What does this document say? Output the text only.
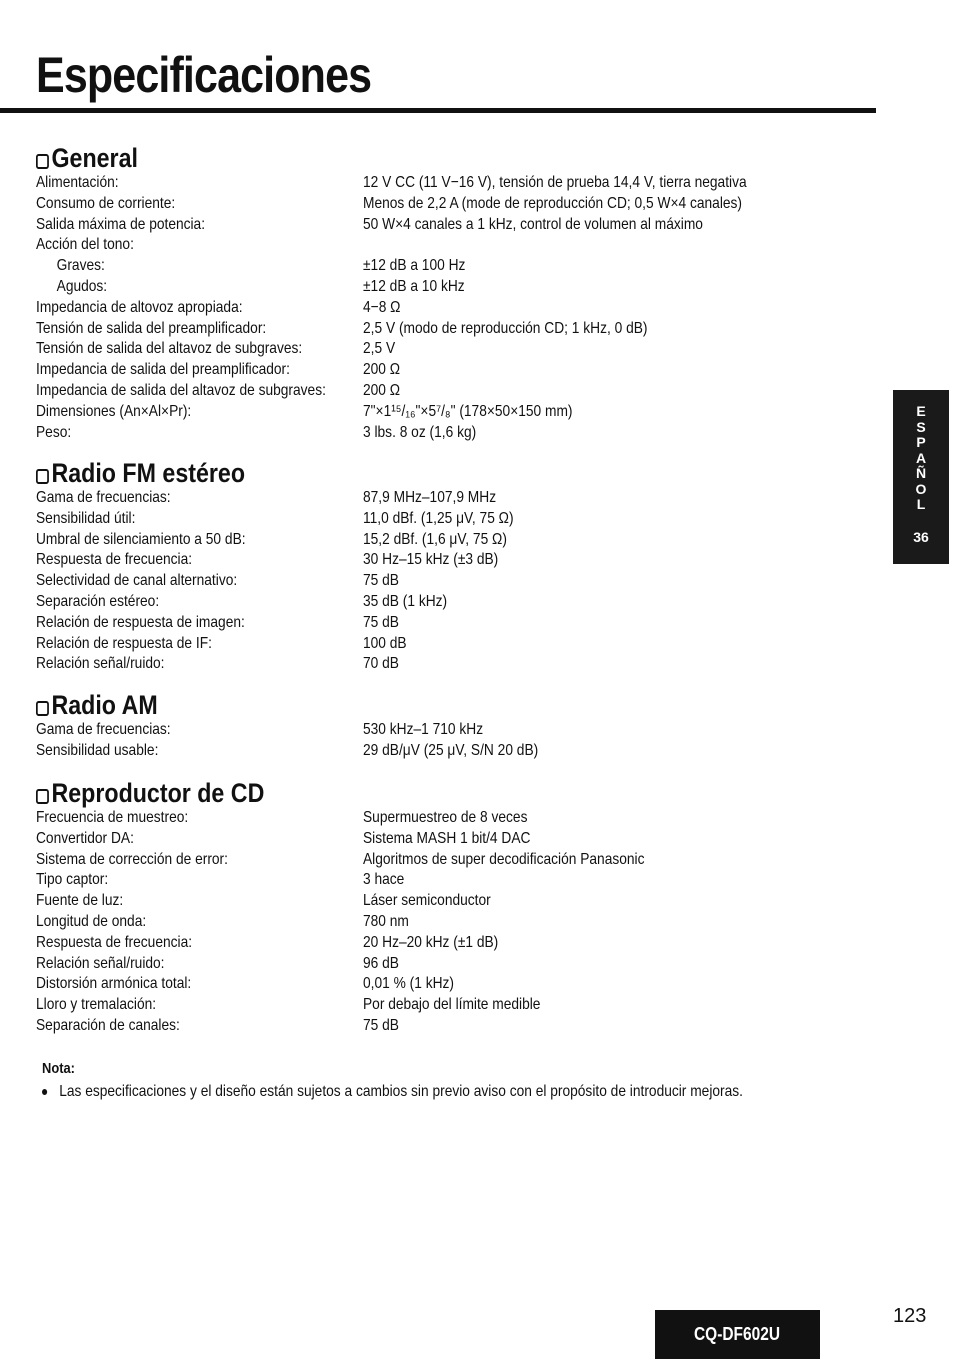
Especificaciones
General
Alimentación:	12 V CC (11 V−16 V), tensión de prueba 14,4 V, tierra negativa
Consumo de corriente:	Menos de 2,2 A (mode de reproducción CD; 0,5 W×4 canales)
Salida máxima de potencia:	50 W×4 canales a 1 kHz, control de volumen al máximo
Acción del tono:
Graves:	±12 dB a 100 Hz
Agudos:	±12 dB a 10 kHz
Impedancia de altovoz apropiada:	4−8 Ω
Tensión de salida del preamplificador:	2,5 V (modo de reproducción CD; 1 kHz, 0 dB)
Tensión de salida del altavoz de subgraves:	2,5 V
Impedancia de salida del preamplificador:	200 Ω
Impedancia de salida del altavoz de subgraves: 200 Ω
Dimensiones (An×Al×Pr):	7"×1¹⁵/₁₆"×5⁷/₈" (178×50×150 mm)
Peso:	3 lbs. 8 oz (1,6 kg)
Radio FM estéreo
Gama de frecuencias:	87,9 MHz–107,9 MHz
Sensibilidad útil:	11,0 dBf. (1,25 μV, 75 Ω)
Umbral de silenciamiento a 50 dB:	15,2 dBf. (1,6 μV, 75 Ω)
Respuesta de frecuencia:	30 Hz–15 kHz (±3 dB)
Selectividad de canal alternativo:	75 dB
Separación estéreo:	35 dB (1 kHz)
Relación de respuesta de imagen:	75 dB
Relación de respuesta de IF:	100 dB
Relación señal/ruido:	70 dB
Radio AM
Gama de frecuencias:	530 kHz–1 710 kHz
Sensibilidad usable:	29 dB/μV (25 μV, S/N 20 dB)
Reproductor de CD
Frecuencia de muestreo:	Supermuestreo de 8 veces
Convertidor DA:	Sistema MASH 1 bit/4 DAC
Sistema de corrección de error:	Algoritmos de super decodificación Panasonic
Tipo captor:	3 hace
Fuente de luz:	Láser semiconductor
Longitud de onda:	780 nm
Respuesta de frecuencia:	20 Hz–20 kHz (±1 dB)
Relación señal/ruido:	96 dB
Distorsión armónica total:	0,01 % (1 kHz)
Lloro y tremalación:	Por debajo del límite medible
Separación de canales:	75 dB
Nota:
Las especificaciones y el diseño están sujetos a cambios sin previo aviso con el propósito de introducir mejoras.
E
S
P
A
Ñ
O
L
36
CQ-DF602U
123
